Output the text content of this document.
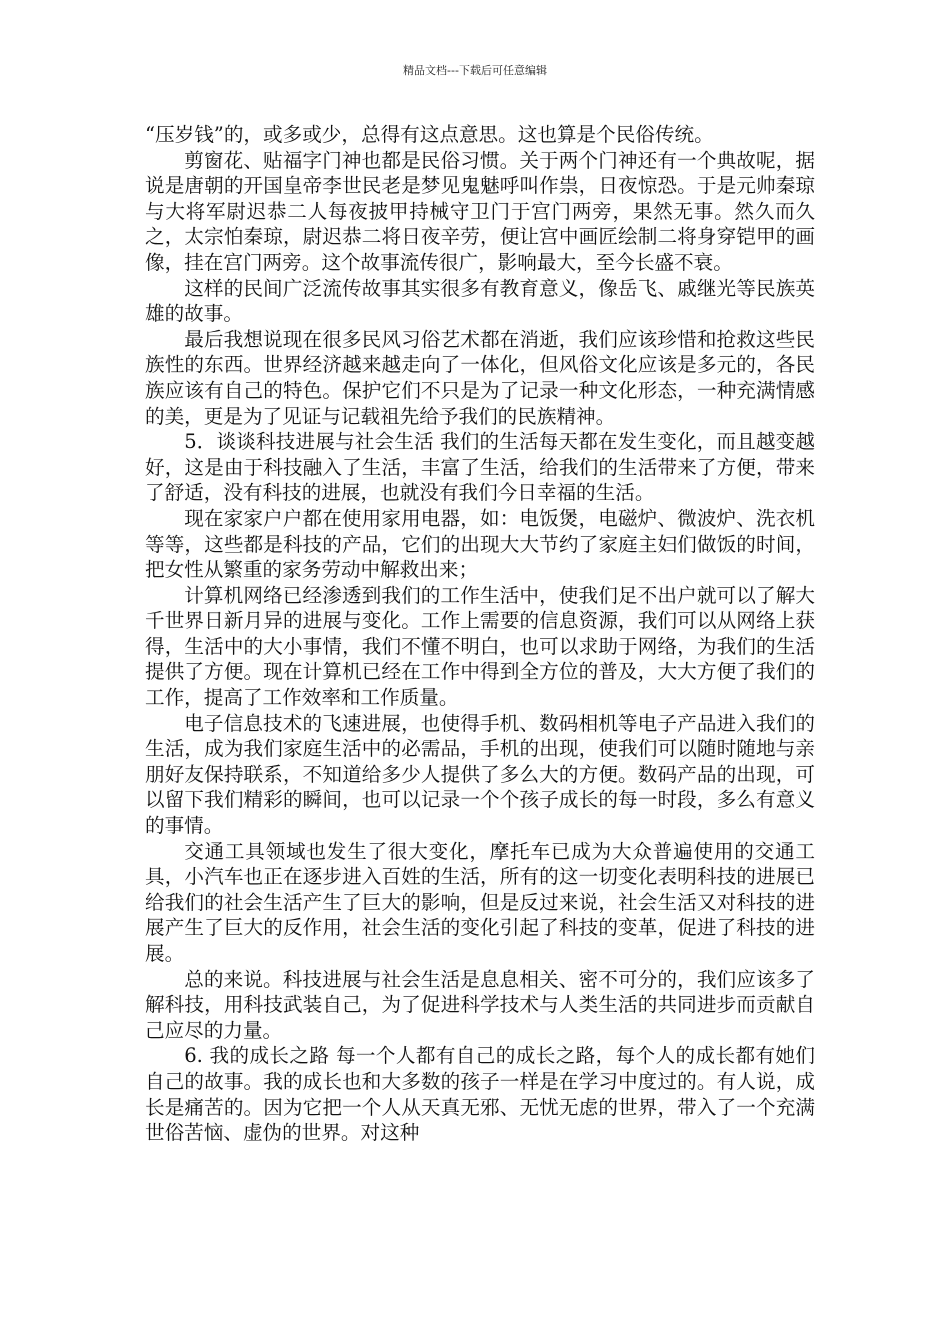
精品文档---下载后可任意编辑

“压岁钱”的，或多或少，总得有这点意思。这也算是个民俗传统。

剪窗花、贴福字门神也都是民俗习惯。关于两个门神还有一个典故呢，据说是唐朝的开国皇帝李世民老是梦见鬼魅呼叫作祟，日夜惊恐。于是元帅秦琼与大将军尉迟恭二人每夜披甲持械守卫门于宫门两旁，果然无事。然久而久之，太宗怕秦琼，尉迟恭二将日夜辛劳，便让宫中画匠绘制二将身穿铠甲的画像，挂在宫门两旁。这个故事流传很广，影响最大，至今长盛不衰。

这样的民间广泛流传故事其实很多有教育意义，像岳飞、戚继光等民族英雄的故事。

最后我想说现在很多民风习俗艺术都在消逝，我们应该珍惜和抢救这些民族性的东西。世界经济越来越走向了一体化，但风俗文化应该是多元的，各民族应该有自己的特色。保护它们不只是为了记录一种文化形态，一种充满情感的美，更是为了见证与记载祖先给予我们的民族精神。

5．谈谈科技进展与社会生活 我们的生活每天都在发生变化，而且越变越好，这是由于科技融入了生活，丰富了生活，给我们的生活带来了方便，带来了舒适，没有科技的进展，也就没有我们今日幸福的生活。

现在家家户户都在使用家用电器，如：电饭煲，电磁炉、微波炉、洗衣机等等，这些都是科技的产品，它们的出现大大节约了家庭主妇们做饭的时间，把女性从繁重的家务劳动中解救出来；

计算机网络已经渗透到我们的工作生活中，使我们足不出户就可以了解大千世界日新月异的进展与变化。工作上需要的信息资源，我们可以从网络上获得，生活中的大小事情，我们不懂不明白，也可以求助于网络，为我们的生活提供了方便。现在计算机已经在工作中得到全方位的普及，大大方便了我们的工作，提高了工作效率和工作质量。

电子信息技术的飞速进展，也使得手机、数码相机等电子产品进入我们的生活，成为我们家庭生活中的必需品，手机的出现，使我们可以随时随地与亲朋好友保持联系，不知道给多少人提供了多么大的方便。数码产品的出现，可以留下我们精彩的瞬间，也可以记录一个个孩子成长的每一时段，多么有意义的事情。

交通工具领域也发生了很大变化，摩托车已成为大众普遍使用的交通工具，小汽车也正在逐步进入百姓的生活，所有的这一切变化表明科技的进展已给我们的社会生活产生了巨大的影响，但是反过来说，社会生活又对科技的进展产生了巨大的反作用，社会生活的变化引起了科技的变革，促进了科技的进展。

总的来说。科技进展与社会生活是息息相关、密不可分的，我们应该多了解科技，用科技武装自己，为了促进科学技术与人类生活的共同进步而贡献自己应尽的力量。

6. 我的成长之路 每一个人都有自己的成长之路，每个人的成长都有她们自己的故事。我的成长也和大多数的孩子一样是在学习中度过的。有人说，成长是痛苦的。因为它把一个人从天真无邪、无忧无虑的世界，带入了一个充满世俗苦恼、虚伪的世界。对这种
